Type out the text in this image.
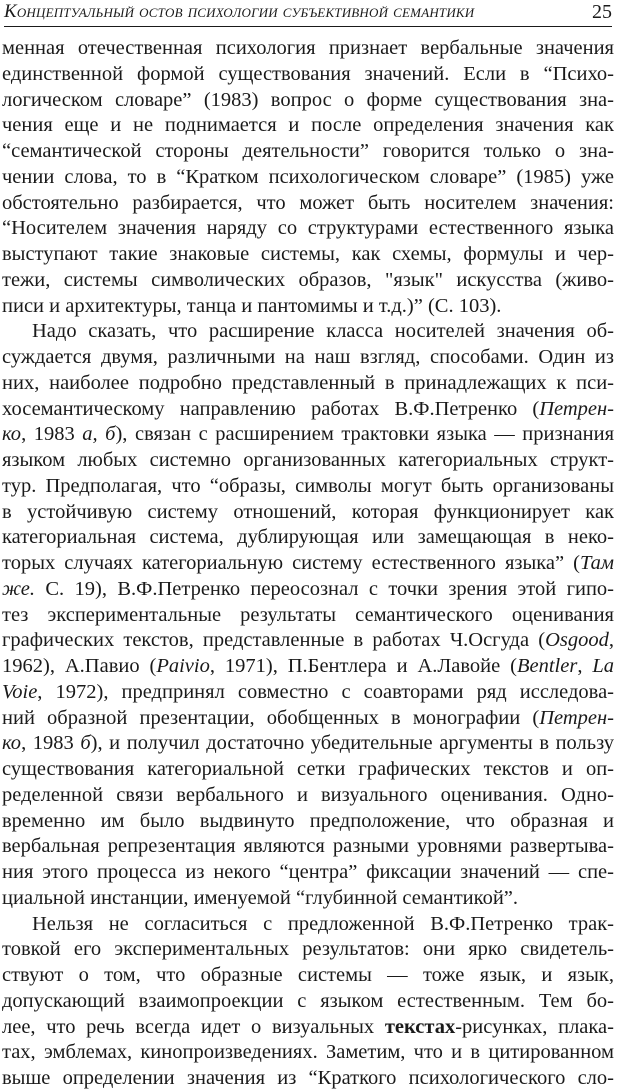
Концептуальный остов психологии субъективной семантики	25
менная отечественная психология признает вербальные значения
единственной формой существования значений. Если в “Психо-
логическом словаре” (1983) вопрос о форме существования зна-
чения еще и не поднимается и после определения значения как
“семантической стороны деятельности” говорится только о зна-
чении слова, то в “Кратком психологическом словаре” (1985) уже
обстоятельно разбирается, что может быть носителем значения:
“Носителем значения наряду со структурами естественного языка
выступают такие знаковые системы, как схемы, формулы и чер-
тежи, системы символических образов, "язык" искусства (живо-
писи и архитектуры, танца и пантомимы и т.д.)” (С. 103).
Надо сказать, что расширение класса носителей значения об-
суждается двумя, различными на наш взгляд, способами. Один из
них, наиболее подробно представленный в принадлежащих к пси-
хосемантическому направлению работах В.Ф.Петренко (Петрен-
ко, 1983 а, б), связан с расширением трактовки языка — признания
языком любых системно организованных категориальных структ-
тур. Предполагая, что “образы, символы могут быть организованы
в устойчивую систему отношений, которая функционирует как
категориальная система, дублирующая или замещающая в неко-
торых случаях категориальную систему естественного языка” (Там
же. С. 19), В.Ф.Петренко переосознал с точки зрения этой гипо-
тез экспериментальные результаты семантического оценивания
графических текстов, представленные в работах Ч.Осгуда (Osgood,
1962), А.Павио (Paivio, 1971), П.Бентлера и А.Лавойе (Bentler, La
Voie, 1972), предпринял совместно с соавторами ряд исследова-
ний образной презентации, обобщенных в монографии (Петрен-
ко, 1983 б), и получил достаточно убедительные аргументы в пользу
существования категориальной сетки графических текстов и оп-
ределенной связи вербального и визуального оценивания. Одно-
временно им было выдвинуто предположение, что образная и
вербальная репрезентация являются разными уровнями развертыва-
ния этого процесса из некого “центра” фиксации значений — спе-
циальной инстанции, именуемой “глубинной семантикой”.
Нельзя не согласиться с предложенной В.Ф.Петренко трак-
товкой его экспериментальных результатов: они ярко свидетель-
ствуют о том, что образные системы — тоже язык, и язык,
допускающий взаимопроекции с языком естественным. Тем бо-
лее, что речь всегда идет о визуальных текстах-рисунках, плака-
тах, эмблемах, кинопроизведениях. Заметим, что и в цитированном
выше определении значения из “Краткого психологического сло-
